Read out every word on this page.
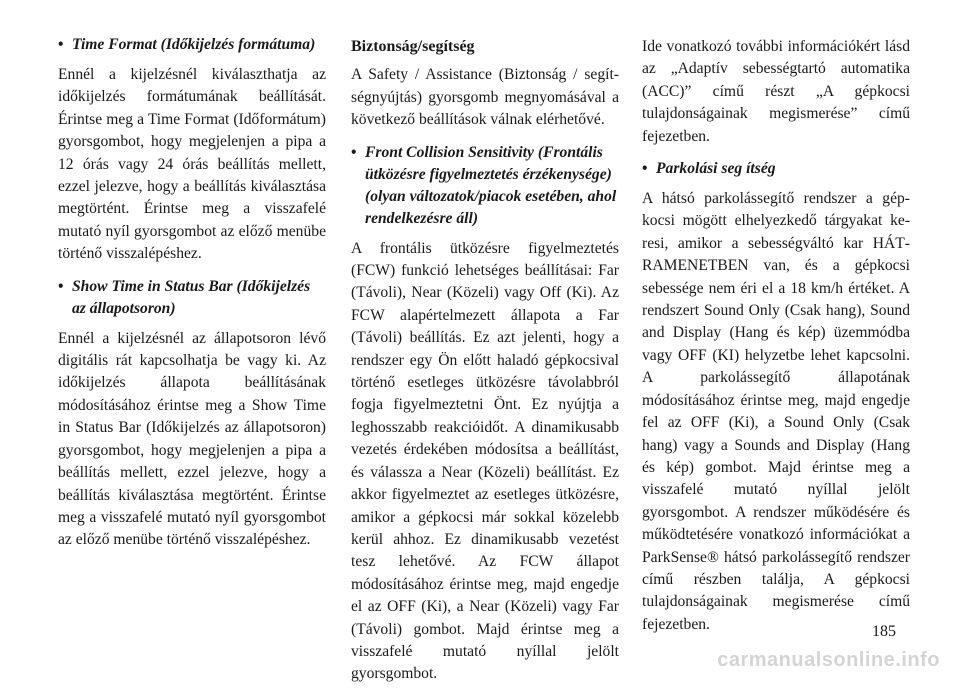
• Time Format (Időkijelzés formátuma)

Ennél a kijelzésnél kiválaszthatja az időkijelzés formátumának beállítását. Érintse meg a Time Format (Időformátum) gyorsgombot, hogy megjelenjen a pipa a 12 órás vagy 24 órás beállítás mellett, ezzel jelezve, hogy a beállítás kiválasztása megtörtént. Érintse meg a visszafelé mutató nyíl gyorsgombot az előző menübe történő visszalépéshez.

• Show Time in Status Bar (Időkijelzés az állapotsoron)

Ennél a kijelzésnél az állapotsoron lévő digitális rát kapcsolhatja be vagy ki. Az időkijelzés állapota beállításának módosításához érintse meg a Show Time in Status Bar (Időkijelzés az állapotsoron) gyorsgombot, hogy megjelenjen a pipa a beállítás mellett, ezzel jelezve, hogy a beállítás kiválasztása megtörtént. Érintse meg a visszafelé mutató nyíl gyorsgombot az előző menübe történő visszalépéshez.

Biztonság/segítség

A Safety / Assistance (Biztonság / segítségnyújtás) gyorsgomb megnyomásával a következő beállítások válnak elérhetővé.

• Front Collision Sensitivity (Frontális ütközésre figyelmeztetés érzékenysége) (olyan változatok/piacok esetében, ahol rendelkezésre áll)

A frontális ütközésre figyelmeztetés (FCW) funkció lehetséges beállításai: Far (Távoli), Near (Közeli) vagy Off (Ki). Az FCW alapértelmezett állapota a Far (Távoli) beállítás. Ez azt jelenti, hogy a rendszer egy Ön előtt haladó gépkocsival történő esetleges ütközésre távolabbról fogja figyelmeztetni Önt. Ez nyújtja a leghosszabb reakcióidőt. A dinamikusabb vezetés érdekében módosítsa a beállítást, és válassza a Near (Közeli) beállítást. Ez akkor figyelmeztet az esetleges ütközésre, amikor a gépkocsi már sokkal közelebb kerül ahhoz. Ez dinamikusabb vezetést tesz lehetővé. Az FCW állapot módosításához érintse meg, majd engedje el az OFF (Ki), a Near (Közeli) vagy Far (Távoli) gombot. Majd érintse meg a visszafelé mutató nyíllal jelölt gyorsgombot.

Ide vonatkozó további információkért lásd az „Adaptív sebességtartó automatika (ACC)” című részt „A gépkocsi tulajdonságainak megismerése” című fejezetben.

• Parkolási seg ítség

A hátsó parkolássegítő rendszer a gépkocsi mögött elhelyezkedő tárgyakat keresi, amikor a sebességváltó kar HÁTRAMENETBEN van, és a gépkocsi sebessége nem éri el a 18 km/h értéket. A rendszert Sound Only (Csak hang), Sound and Display (Hang és kép) üzemmódba vagy OFF (KI) helyzetbe lehet kapcsolni. A parkolássegítő állapotának módosításához érintse meg, majd engedje fel az OFF (Ki), a Sound Only (Csak hang) vagy a Sounds and Display (Hang és kép) gombot. Majd érintse meg a visszafelé mutató nyíllal jelölt gyorsgombot. A rendszer működésére és működtetésére vonatkozó információkat a ParkSense® hátsó parkolássegítő rendszer című részben találja, A gépkocsi tulajdonságainak megismerése című fejezetben.	185
carmanualsonline.info
